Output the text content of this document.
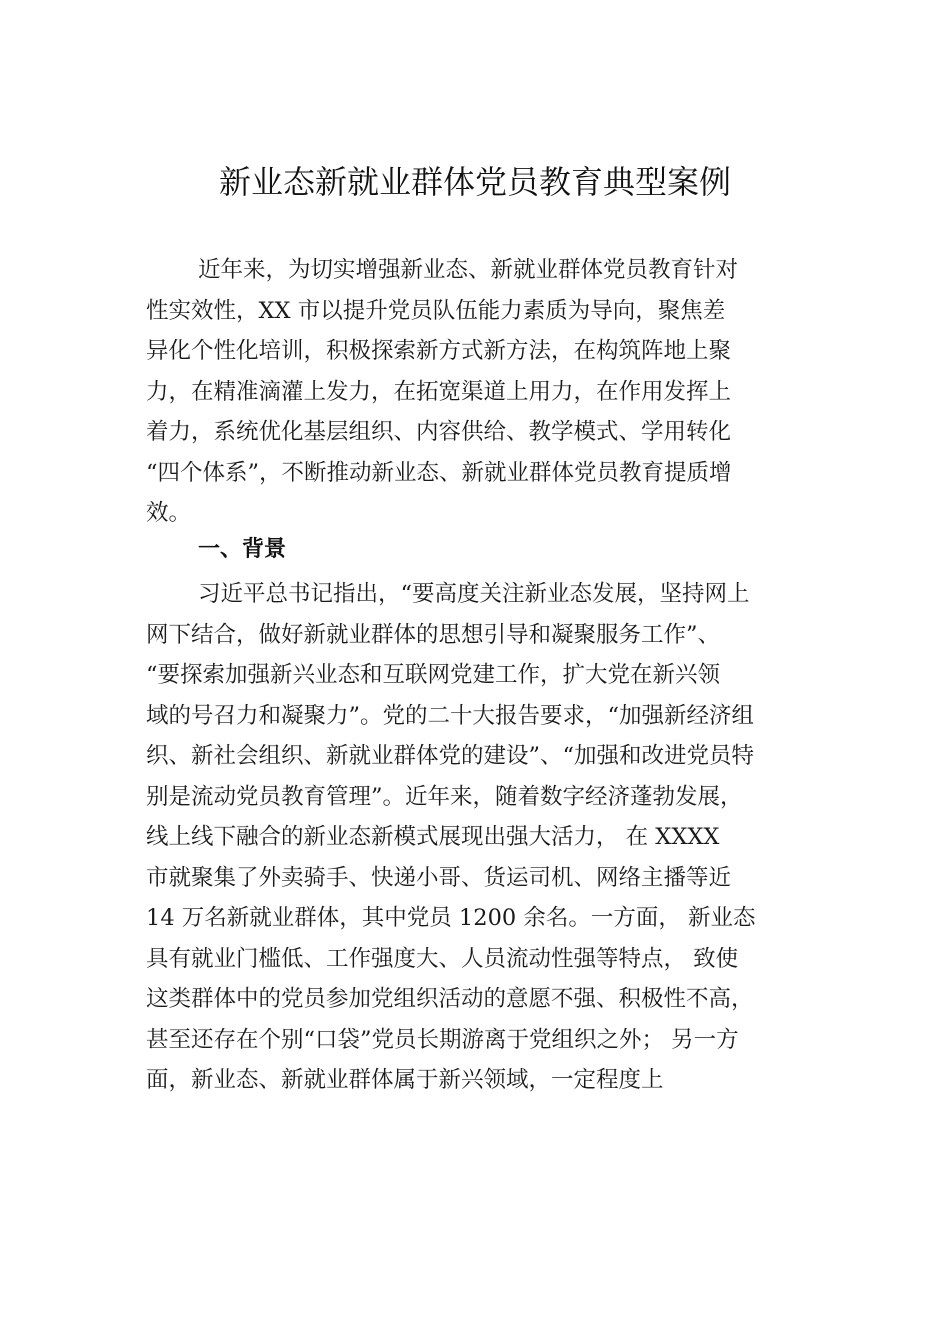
新业态新就业群体党员教育典型案例
近年来，为切实增强新业态、新就业群体党员教育针对
性实效性，XX 市以提升党员队伍能力素质为导向，聚焦差
异化个性化培训，积极探索新方式新方法，在构筑阵地上聚
力，在精准滴灌上发力，在拓宽渠道上用力，在作用发挥上
着力，系统优化基层组织、内容供给、教学模式、学用转化
“四个体系”，不断推动新业态、新就业群体党员教育提质增
效。
一、背景
习近平总书记指出，“要高度关注新业态发展，坚持网上
网下结合，做好新就业群体的思想引导和凝聚服务工作”、
“要探索加强新兴业态和互联网党建工作，扩大党在新兴领
域的号召力和凝聚力”。党的二十大报告要求，“加强新经济组
织、新社会组织、新就业群体党的建设”、“加强和改进党员特
别是流动党员教育管理”。近年来，随着数字经济蓬勃发展，
线上线下融合的新业态新模式展现出强大活力， 在 XXXX
市就聚集了外卖骑手、快递小哥、货运司机、网络主播等近
14 万名新就业群体，其中党员 1200 余名。一方面， 新业态
具有就业门槛低、工作强度大、人员流动性强等特点， 致使
这类群体中的党员参加党组织活动的意愿不强、积极性不高，
甚至还存在个别“口袋”党员长期游离于党组织之外； 另一方
面，新业态、新就业群体属于新兴领域，一定程度上
